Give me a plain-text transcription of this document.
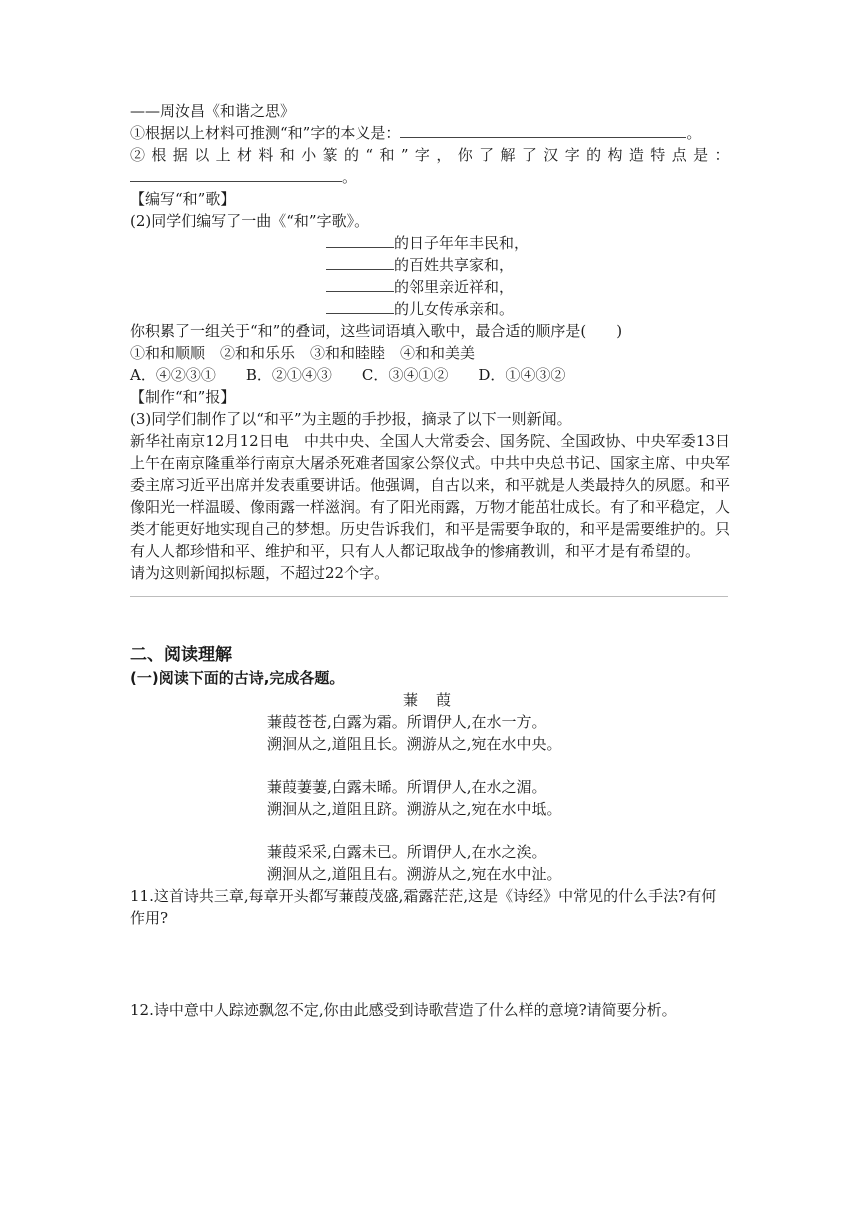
——周汝昌《和谐之思》
①根据以上材料可推测“和”字的本义是：	。
②根据以上材料和小篆的“和”字，你了解了汉字的构造特点是：
。
【编写“和”歌】
(2)同学们编写了一曲《“和”字歌》。
的日子年年丰民和，
的百姓共享家和，
的邻里亲近祥和，
的儿女传承亲和。
你积累了一组关于“和”的叠词，这些词语填入歌中，最合适的顺序是(　　)
①和和顺顺　②和和乐乐　③和和睦睦　④和和美美
A．④②③①　　B．②①④③　　C．③④①②　　D．①④③②
【制作“和”报】
(3)同学们制作了以“和平”为主题的手抄报，摘录了以下一则新闻。
新华社南京12月12日电　中共中央、全国人大常委会、国务院、全国政协、中央军委13日上午在南京隆重举行南京大屠杀死难者国家公祭仪式。中共中央总书记、国家主席、中央军委主席习近平出席并发表重要讲话。他强调，自古以来，和平就是人类最持久的夙愿。和平像阳光一样温暖、像雨露一样滋润。有了阳光雨露，万物才能茁壮成长。有了和平稳定，人类才能更好地实现自己的梦想。历史告诉我们，和平是需要争取的，和平是需要维护的。只有人人都珍惜和平、维护和平，只有人人都记取战争的惨痛教训，和平才是有希望的。
请为这则新闻拟标题，不超过22个字。
二、阅读理解
(一)阅读下面的古诗,完成各题。
蒹葭
蒹葭苍苍,白露为霜。所谓伊人,在水一方。
溯洄从之,道阻且长。溯游从之,宛在水中央。
蒹葭萋萋,白露未晞。所谓伊人,在水之湄。
溯洄从之,道阻且跻。溯游从之,宛在水中坻。
蒹葭采采,白露未已。所谓伊人,在水之涘。
溯洄从之,道阻且右。溯游从之,宛在水中沚。
11.这首诗共三章,每章开头都写蒹葭茂盛,霜露茫茫,这是《诗经》中常见的什么手法?有何作用?
12.诗中意中人踪迹飘忽不定,你由此感受到诗歌营造了什么样的意境?请简要分析。
